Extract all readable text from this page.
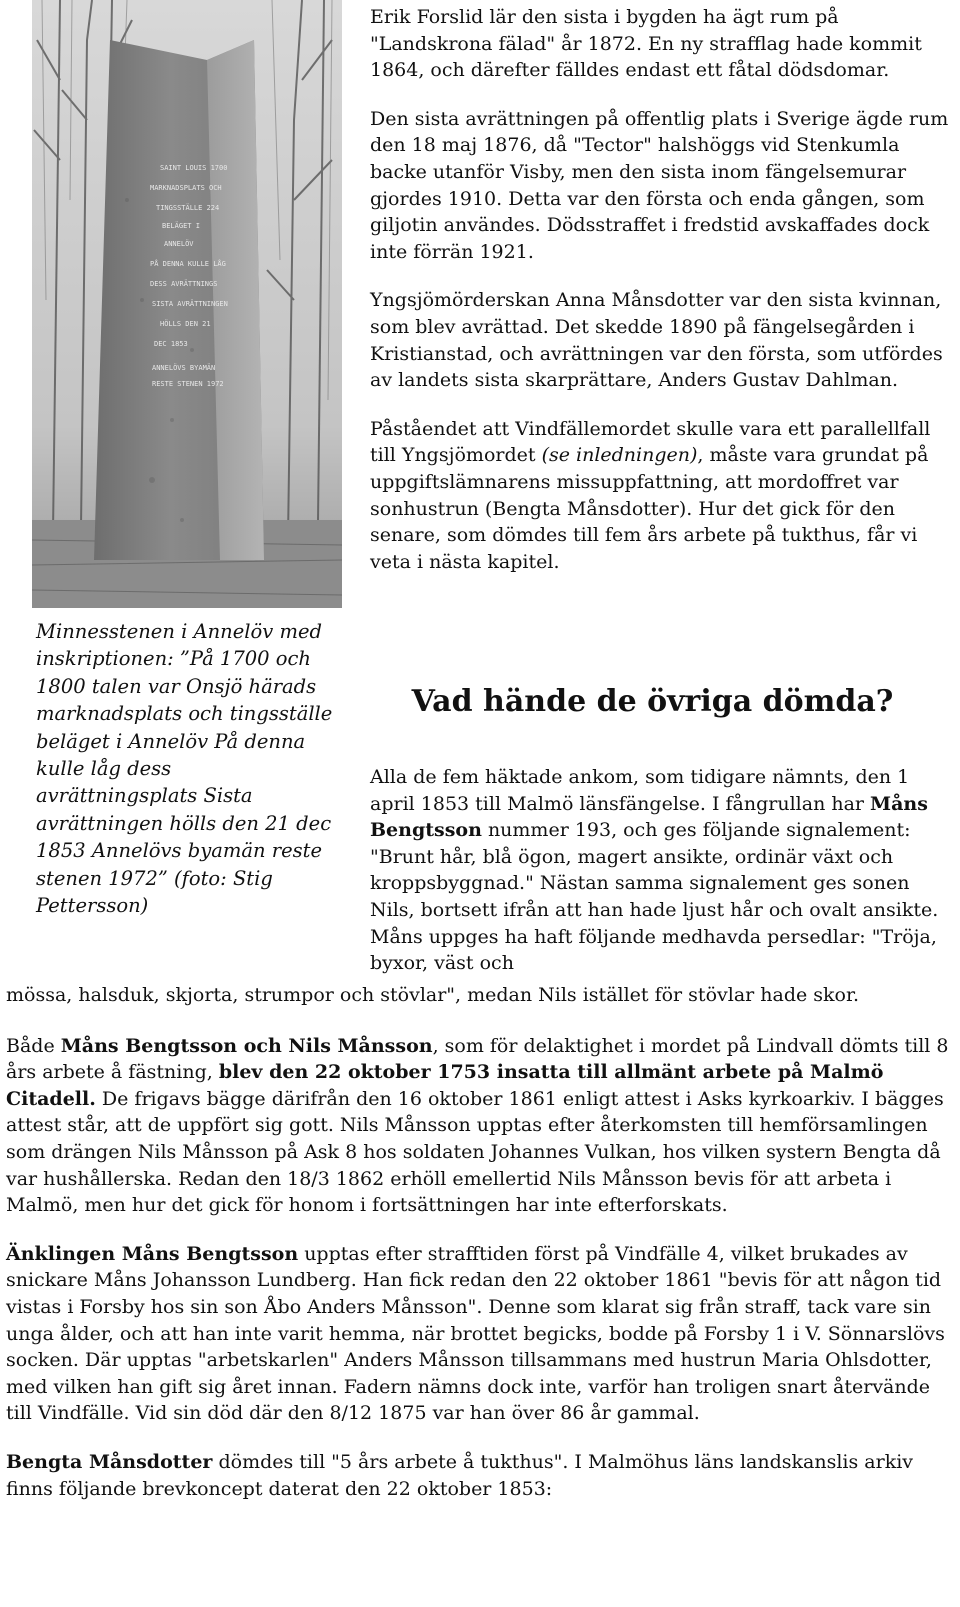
SAINT LOUIS 1700
MARKNADSPLATS OCH
TINGSSTÄLLE 224
BELÄGET I
ANNELÖV
PÅ DENNA KULLE LÅG
DESS AVRÄTTNINGS
SISTA AVRÄTTNINGEN
HÖLLS DEN 21
DEC 1853
ANNELÖVS BYAMÄN
RESTE STENEN 1972
Minnesstenen i Annelöv med inskriptionen: ”På 1700 och 1800 talen var Onsjö härads marknadsplats och tingsställe beläget i Annelöv På denna kulle låg dess avrättningsplats Sista avrättningen hölls den 21 dec 1853 Annelövs byamän reste stenen 1972” (foto: Stig Pettersson)

Erik Forslid lär den sista i bygden ha ägt rum på "Landskrona fälad" år 1872. En ny strafflag hade kommit 1864, och därefter fälldes endast ett fåtal dödsdomar.

Den sista avrättningen på offentlig plats i Sverige ägde rum den 18 maj 1876, då "Tector" halshöggs vid Stenkumla backe utanför Visby, men den sista inom fängelsemurar gjordes 1910. Detta var den första och enda gången, som giljotin användes. Dödsstraffet i fredstid avskaffades dock inte förrän 1921.

Yngsjömörderskan Anna Månsdotter var den sista kvinnan, som blev avrättad. Det skedde 1890 på fängelsegården i Kristianstad, och avrättningen var den första, som utfördes av landets sista skarprättare, Anders Gustav Dahlman.

Påståendet att Vindfällemordet skulle vara ett parallellfall till Yngsjömordet (se inledningen), måste vara grundat på uppgiftslämnarens missuppfattning, att mordoffret var sonhustrun (Bengta Månsdotter). Hur det gick för den senare, som dömdes till fem års arbete på tukthus, får vi veta i nästa kapitel.

Vad hände de övriga dömda?

Alla de fem häktade ankom, som tidigare nämnts, den 1 april 1853 till Malmö länsfängelse. I fångrullan har Måns Bengtsson nummer 193, och ges följande signalement: "Brunt hår, blå ögon, magert ansikte, ordinär växt och kroppsbyggnad." Nästan samma signalement ges sonen Nils, bortsett ifrån att han hade ljust hår och ovalt ansikte. Måns uppges ha haft följande medhavda persedlar: "Tröja, byxor, väst och

mössa, halsduk, skjorta, strumpor och stövlar", medan Nils istället för stövlar hade skor.

Både Måns Bengtsson och Nils Månsson, som för delaktighet i mordet på Lindvall dömts till 8 års arbete å fästning, blev den 22 oktober 1753 insatta till allmänt arbete på Malmö Citadell. De frigavs bägge därifrån den 16 oktober 1861 enligt attest i Asks kyrkoarkiv. I bägges attest står, att de uppfört sig gott. Nils Månsson upptas efter återkomsten till hemförsamlingen som drängen Nils Månsson på Ask 8 hos soldaten Johannes Vulkan, hos vilken systern Bengta då var hushållerska. Redan den 18/3 1862 erhöll emellertid Nils Månsson bevis för att arbeta i Malmö, men hur det gick för honom i fortsättningen har inte efterforskats.

Änklingen Måns Bengtsson upptas efter strafftiden först på Vindfälle 4, vilket brukades av snickare Måns Johansson Lundberg. Han fick redan den 22 oktober 1861 "bevis för att någon tid vistas i Forsby hos sin son Åbo Anders Månsson". Denne som klarat sig från straff, tack vare sin unga ålder, och att han inte varit hemma, när brottet begicks, bodde på Forsby 1 i V. Sönnarslövs socken. Där upptas "arbetskarlen" Anders Månsson tillsammans med hustrun Maria Ohlsdotter, med vilken han gift sig året innan. Fadern nämns dock inte, varför han troligen snart återvände till Vindfälle. Vid sin död där den 8/12 1875 var han över 86 år gammal.

Bengta Månsdotter dömdes till "5 års arbete å tukthus". I Malmöhus läns landskanslis arkiv finns följande brevkoncept daterat den 22 oktober 1853:
